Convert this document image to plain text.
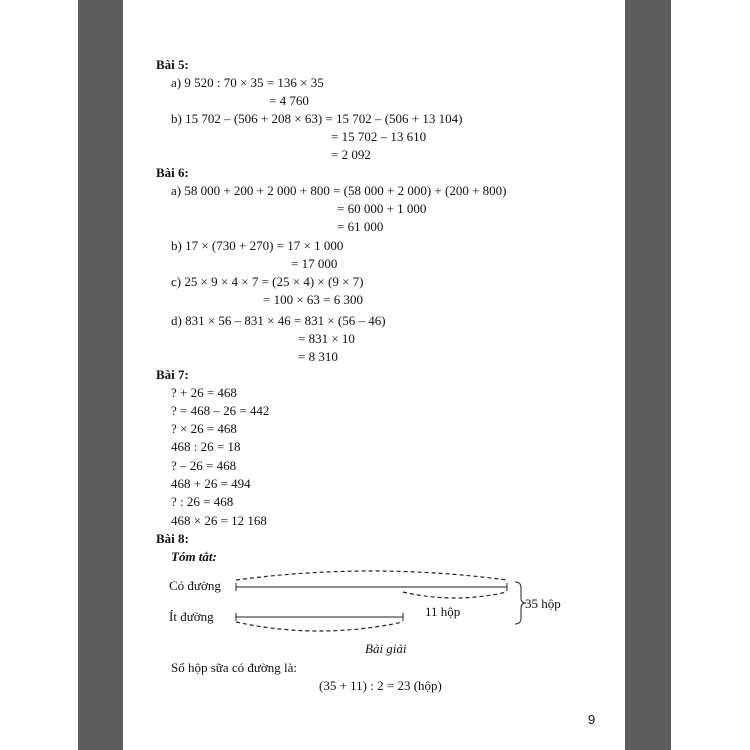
Bài 5:
a) 9 520 : 70 × 35 = 136 × 35
= 4 760
b) 15 702 – (506 + 208 × 63) = 15 702 – (506 + 13 104)
= 15 702 – 13 610
= 2 092
Bài 6:
a) 58 000 + 200 + 2 000 + 800 = (58 000 + 2 000) + (200 + 800)
= 60 000 + 1 000
= 61 000
b) 17 × (730 + 270) = 17 × 1 000
= 17 000
c) 25 × 9 × 4 × 7 = (25 × 4) × (9 × 7)
= 100 × 63 = 6 300
d) 831 × 56 – 831 × 46 = 831 × (56 – 46)
= 831 × 10
= 8 310
Bài 7:
? + 26 = 468
? = 468 – 26 = 442
? × 26 = 468
468 : 26 = 18
? – 26 = 468
468 + 26 = 494
? : 26 = 468
468 × 26 = 12 168
Bài 8:
Tóm tắt:
Có đường
Ít đường	11 hộp
35 hộp
Bài giải
Số hộp sữa có đường là:
(35 + 11) : 2 = 23 (hộp)
9
